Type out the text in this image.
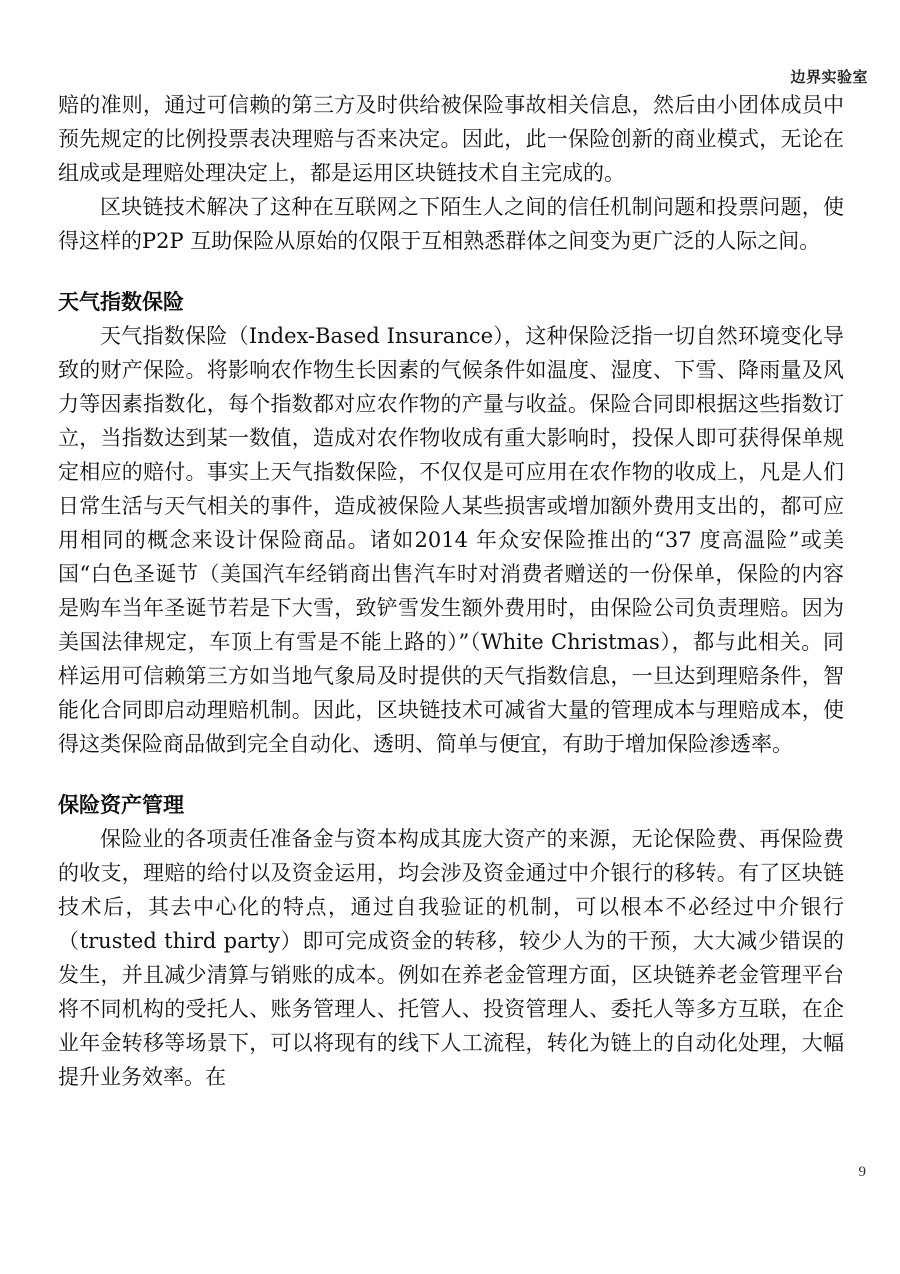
边界实验室

赔的准则，通过可信赖的第三方及时供给被保险事故相关信息，然后由小团体成员中预先规定的比例投票表决理赔与否来决定。因此，此一保险创新的商业模式，无论在组成或是理赔处理决定上，都是运用区块链技术自主完成的。

区块链技术解决了这种在互联网之下陌生人之间的信任机制问题和投票问题，使得这样的P2P 互助保险从原始的仅限于互相熟悉群体之间变为更广泛的人际之间。

天气指数保险

天气指数保险（Index-Based Insurance），这种保险泛指一切自然环境变化导致的财产保险。将影响农作物生长因素的气候条件如温度、湿度、下雪、降雨量及风力等因素指数化，每个指数都对应农作物的产量与收益。保险合同即根据这些指数订立，当指数达到某一数值，造成对农作物收成有重大影响时，投保人即可获得保单规定相应的赔付。事实上天气指数保险，不仅仅是可应用在农作物的收成上，凡是人们日常生活与天气相关的事件，造成被保险人某些损害或增加额外费用支出的，都可应用相同的概念来设计保险商品。诸如2014 年众安保险推出的“37 度高温险”或美国“白色圣诞节（美国汽车经销商出售汽车时对消费者赠送的一份保单，保险的内容是购车当年圣诞节若是下大雪，致铲雪发生额外费用时，由保险公司负责理赔。因为美国法律规定，车顶上有雪是不能上路的）”（White Christmas），都与此相关。同样运用可信赖第三方如当地气象局及时提供的天气指数信息，一旦达到理赔条件，智能化合同即启动理赔机制。因此，区块链技术可减省大量的管理成本与理赔成本，使得这类保险商品做到完全自动化、透明、简单与便宜，有助于增加保险渗透率。

保险资产管理

保险业的各项责任准备金与资本构成其庞大资产的来源，无论保险费、再保险费的收支，理赔的给付以及资金运用，均会涉及资金通过中介银行的移转。有了区块链技术后，其去中心化的特点，通过自我验证的机制，可以根本不必经过中介银行（trusted third party）即可完成资金的转移，较少人为的干预，大大减少错误的发生，并且减少清算与销账的成本。例如在养老金管理方面，区块链养老金管理平台将不同机构的受托人、账务管理人、托管人、投资管理人、委托人等多方互联，在企业年金转移等场景下，可以将现有的线下人工流程，转化为链上的自动化处理，大幅提升业务效率。在

9
